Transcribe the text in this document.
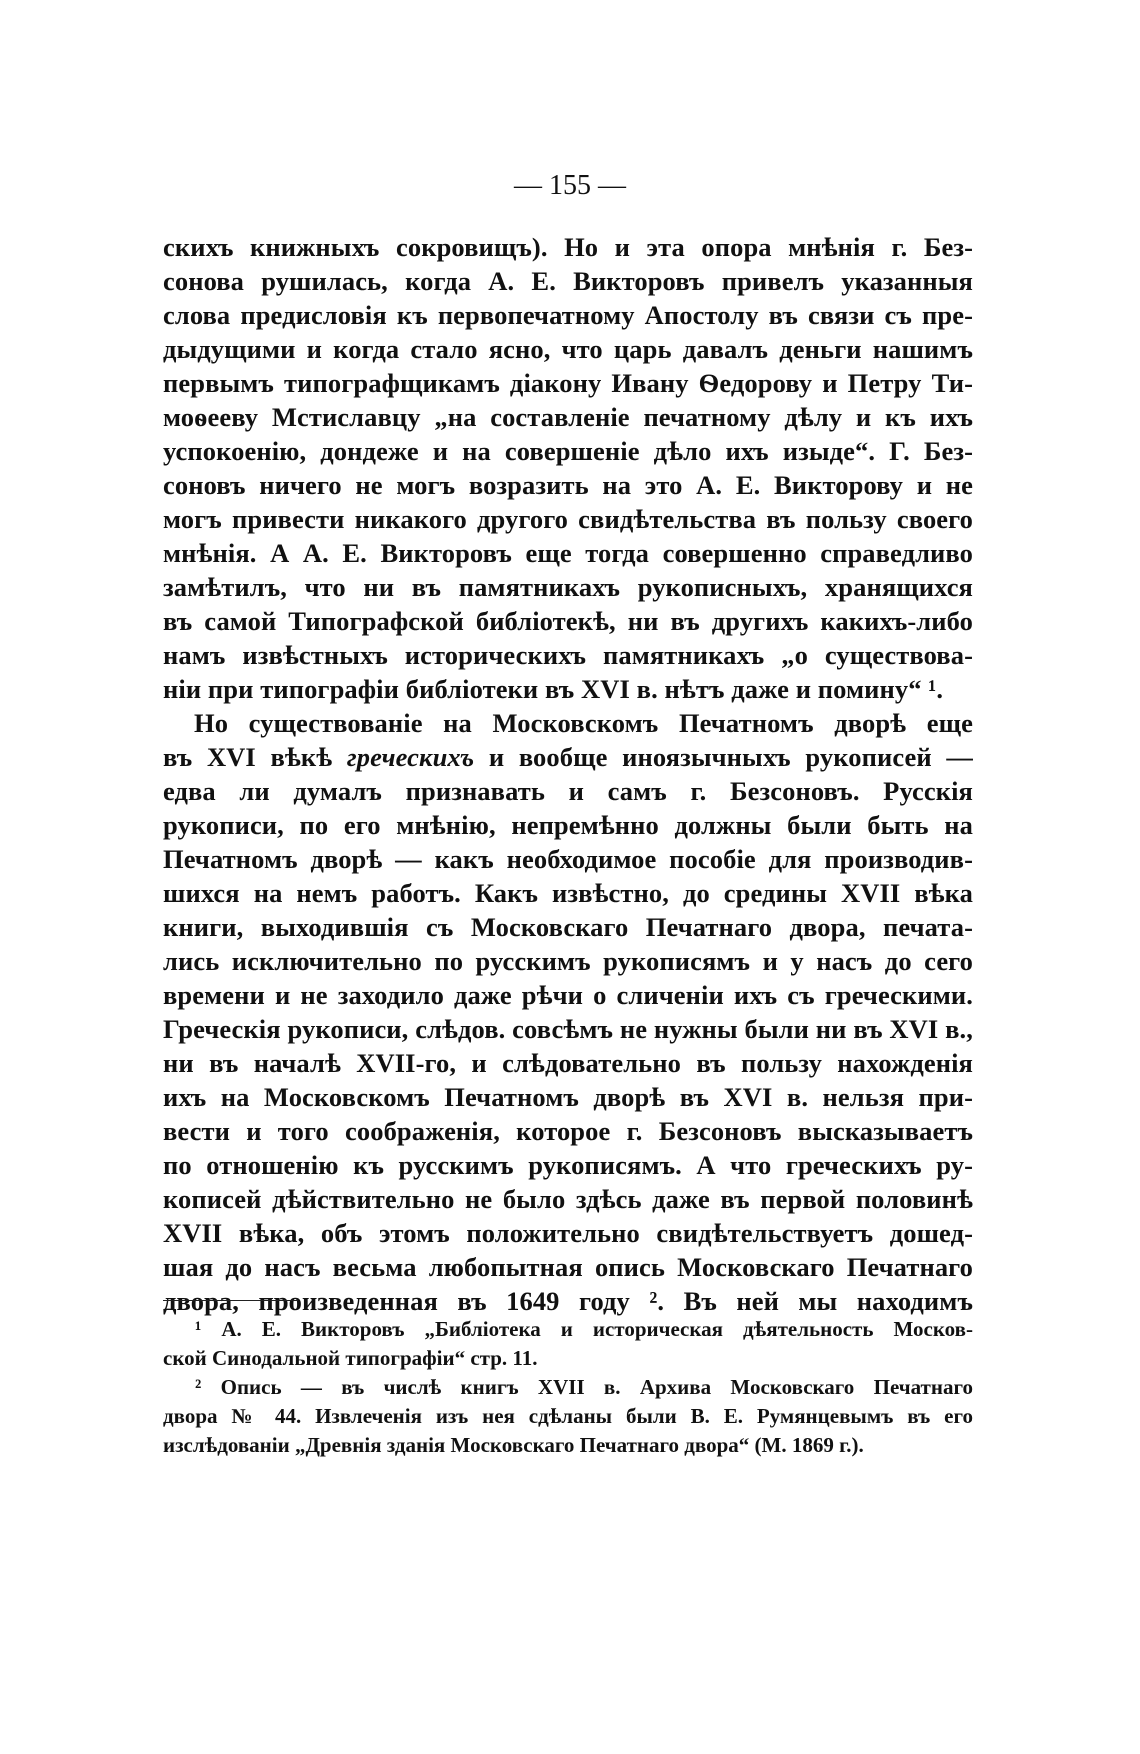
— 155 —
скихъ книжныхъ сокровищъ). Но и эта опора мнѣнія г. Без-
сонова рушилась, когда А. Е. Викторовъ привелъ указанныя
слова предисловія къ первопечатному Апостолу въ связи съ пре-
дыдущими и когда стало ясно, что царь давалъ деньги нашимъ
первымъ типографщикамъ діакону Ивану Ѳедорову и Петру Ти-
моѳееву Мстиславцу „на составленіе печатному дѣлу и къ ихъ
успокоенію, дондеже и на совершеніе дѣло ихъ изыде“. Г. Без-
соновъ ничего не могъ возразить на это А. Е. Викторову и не
могъ привести никакого другого свидѣтельства въ пользу своего
мнѣнія. А А. Е. Викторовъ еще тогда совершенно справедливо
замѣтилъ, что ни въ памятникахъ рукописныхъ, хранящихся
въ самой Типографской библіотекѣ, ни въ другихъ какихъ-либо
намъ извѣстныхъ историческихъ памятникахъ „о существова-
ніи при типографіи библіотеки въ XVI в. нѣтъ даже и помину“ ¹.
Но существованіе на Московскомъ Печатномъ дворѣ еще
въ XVI вѣкѣ греческихъ и вообще иноязычныхъ рукописей —
едва ли думалъ признавать и самъ г. Безсоновъ. Русскія
рукописи, по его мнѣнію, непремѣнно должны были быть на
Печатномъ дворѣ — какъ необходимое пособіе для производив-
шихся на немъ работъ. Какъ извѣстно, до средины XVII вѣка
книги, выходившія съ Московскаго Печатнаго двора, печата-
лись исключительно по русскимъ рукописямъ и у насъ до сего
времени и не заходило даже рѣчи о сличеніи ихъ съ греческими.
Греческія рукописи, слѣдов. совсѣмъ не нужны были ни въ XVI в.,
ни въ началѣ XVII-го, и слѣдовательно въ пользу нахожденія
ихъ на Московскомъ Печатномъ дворѣ въ XVI в. нельзя при-
вести и того соображенія, которое г. Безсоновъ высказываетъ
по отношенію къ русскимъ рукописямъ. А что греческихъ ру-
кописей дѣйствительно не было здѣсь даже въ первой половинѣ
XVII вѣка, объ этомъ положительно свидѣтельствуетъ дошед-
шая до насъ весьма любопытная опись Московскаго Печатнаго
двора, произведенная въ 1649 году ². Въ ней мы находимъ
¹ А. Е. Викторовъ „Библіотека и историческая дѣятельность Москов-
ской Синодальной типографіи“ стр. 11.
² Опись — въ числѣ книгъ XVII в. Архива Московскаго Печатнаго
двора № 44. Извлеченія изъ нея сдѣланы были В. Е. Румянцевымъ въ его
изслѣдованіи „Древнія зданія Московскаго Печатнаго двора“ (М. 1869 г.).
